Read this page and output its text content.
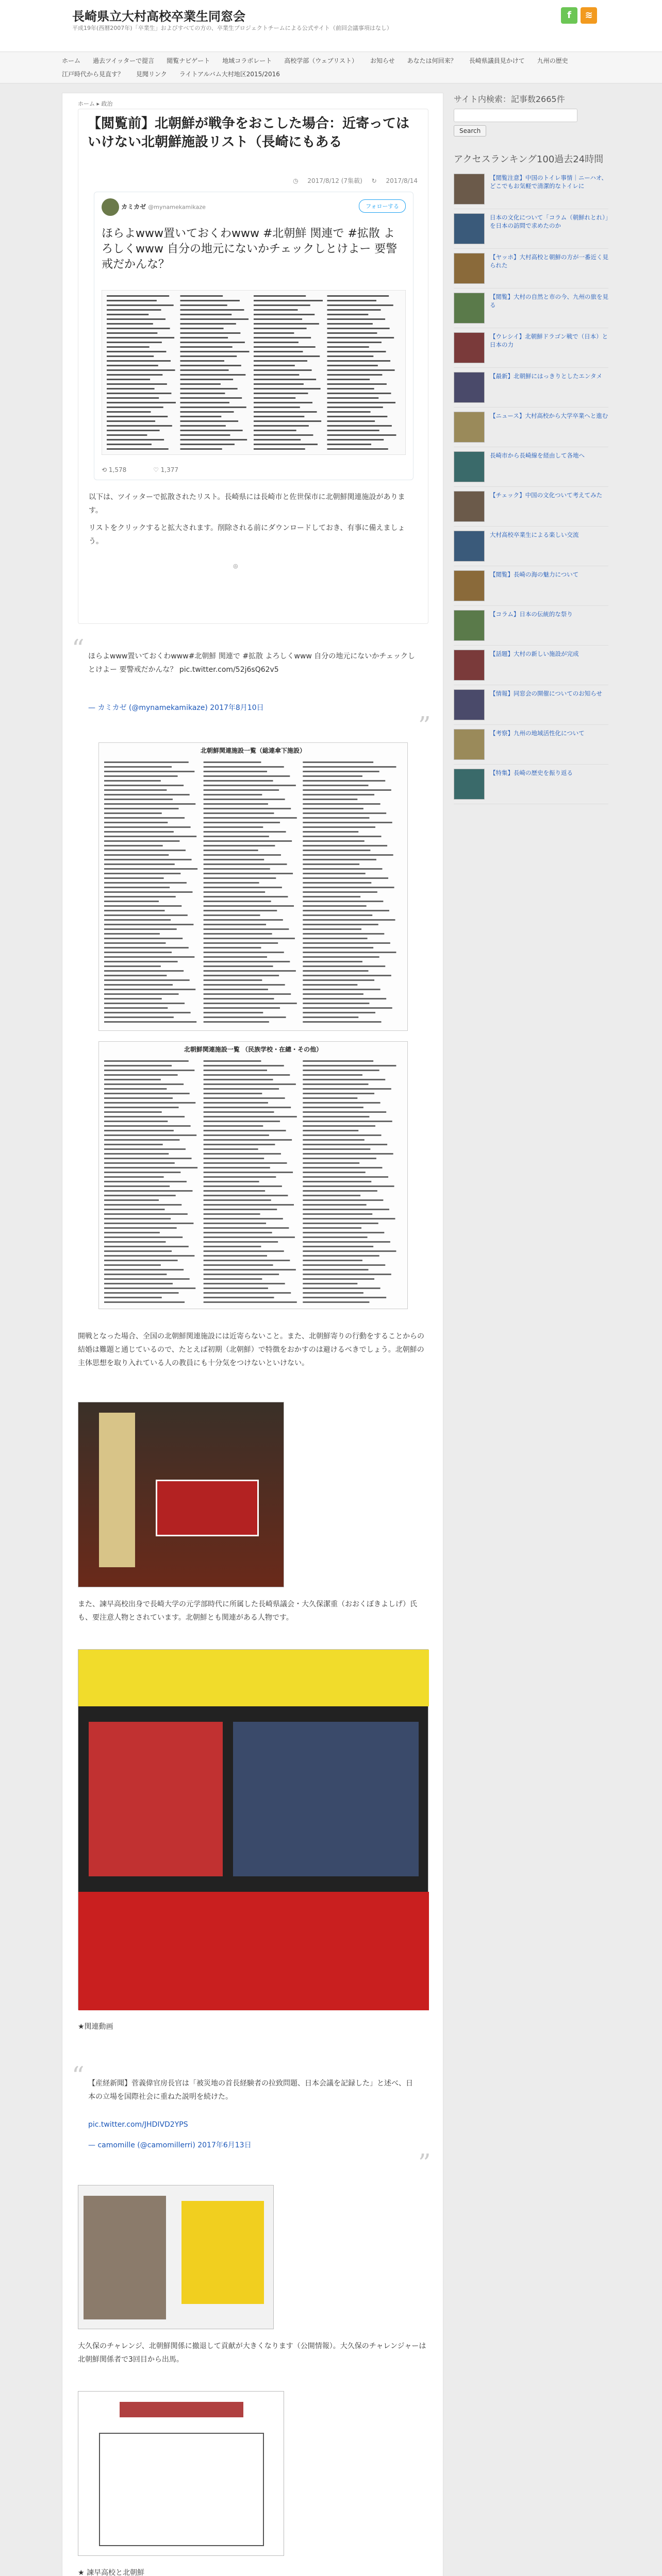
長崎県立大村高校卒業生同窓会
平成19年(西暦2007年)「卒業生」およびすべての方の、卒業生プロジェクトチームによる公式サイト（前回会議事項はなし）
f	≋
ホーム 過去ツイッターで提言 閲覧ナビゲート 地域コラボレート 高校学部（ウェブリスト） お知らせ あなたは何回来？ 長崎県議員見かけて 九州の歴史
江戸時代から見直す？ 見聞リンク ライトアルバム大村地区2015/2016
ホーム ▸ 政治
【閲覧前】北朝鮮が戦争をおこした場合：近寄ってはいけない北朝鮮施設リスト（長崎にもある
◷ 2017/8/12 (7集載) ↻ 2017/8/14
カミカゼ @mynamekamikaze	フォローする
ほらよwww置いておくわwww #北朝鮮 関連で #拡散 よろしくwww 自分の地元にないかチェックしとけよー 要警戒だかんな？
⟲ 1,578	♡ 1,377
以下は、ツイッターで拡散されたリスト。長崎県には長崎市と佐世保市に北朝鮮関連施設があります。
リストをクリックすると拡大されます。削除される前にダウンロードしておき、有事に備えましょう。
◎
“ ほらよwww置いておくわwww#北朝鮮 関連で #拡散 よろしくwww 自分の地元にないかチェックしとけよー 要警戒だかんな？ pic.twitter.com/52j6sQ62v5
— カミカゼ (@mynamekamikaze) 2017年8月10日
”
北朝鮮関連施設一覧（総連傘下施設）
北朝鮮関連施設一覧 （民族学校・在總・その他）
開戦となった場合、全国の北朝鮮関連施設には近寄らないこと。また、北朝鮮寄りの行動をすることからの結婚は難題と通じているので、たとえば初期（北朝鮮）で特徴をおかすのは避けるべきでしょう。北朝鮮の主体思想を取り入れている人の教員にも十分気をつけないといけない。
また、諫早高校出身で長崎大学の元学部時代に所属した長崎県議会・大久保潔重（おおくぼきよしげ）氏も、要注意人物とされています。北朝鮮とも関連がある人物です。
★関連動画
“ 【産経新聞】菅義偉官房長官は「被災地の首長経験者の拉致問題、日本会議を記録した」と述べ、日本の立場を国際社会に重ねた説明を続けた。
pic.twitter.com/JHDIVD2YPS
— camomille (@camomillerri) 2017年6月13日
”
大久保のチャレンジ、北朝鮮関係に撤退して貢献が大きくなります（公開情報）。大久保のチャレンジャーは北朝鮮関係者で3回目から出馬。
★ 諫早高校と北朝鮮
サイト内検索：記事数2665件

Search
アクセスランキング100過去24時間
【閲覧注意】中国のトイレ事情｜ニーハオ、どこでもお気軽で清潔的なトイレに
日本の文化について「コラム（朝鮮れとれ）」を日本の訪問で求めたのか
【ヤッホ】大村高校と朝鮮の方が一番近く見られた
【閲覧】大村の自然と市の今、九州の旅を見る
【ウレシイ】北朝鮮ドラゴン戦で（日本）と日本の力
【最新】北朝鮮にはっきりとしたエンタメ
【ニュース】大村高校から大学卒業へと進む
長崎市から長崎線を経由して各地へ
【チェック】中国の文化ついて考えてみた
大村高校卒業生による楽しい交流
【閲覧】長崎の海の魅力について
【コラム】日本の伝統的な祭り
【話題】大村の新しい施設が完成
【情報】同窓会の開催についてのお知らせ
【考察】九州の地域活性化について
【特集】長崎の歴史を振り返る
